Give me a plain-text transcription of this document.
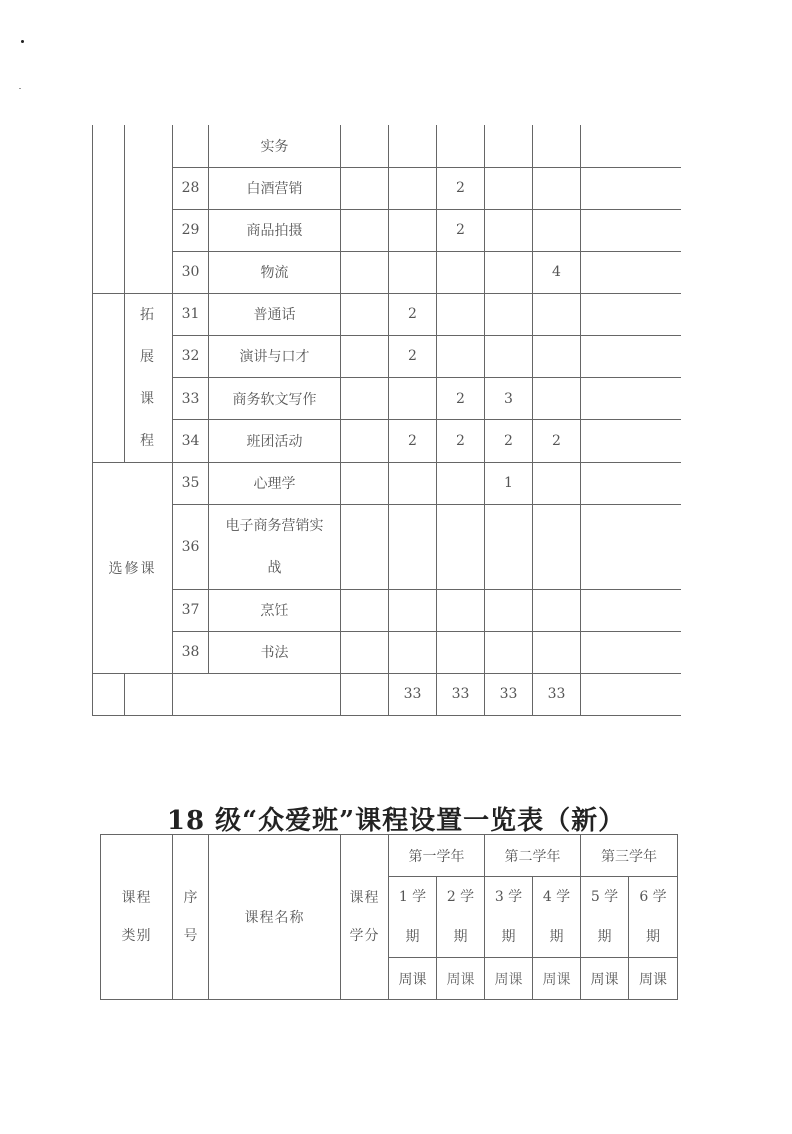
			实务						
		28	白酒营销			2			
		29	商品拍摄			2			
		30	物流					4	

	拓展课程	31	普通话		2				
		32	演讲与口才		2				
		33	商务软文写作			2	3		
		34	班团活动		2	2	2	2	
选修课		35	心理学				1		
		36	电子商务营销实战						
		37	烹饪						
		38	书法						
					33	33	33	33	
18 级“众爱班”课程设置一览表（新）
课程类别	序号	课程名称	课程学分	第一学年		第二学年		第三学年	

				1 学期	2 学期	3 学期	4 学期	5 学期	6 学期

				周课	周课	周课	周课	周课	周课
